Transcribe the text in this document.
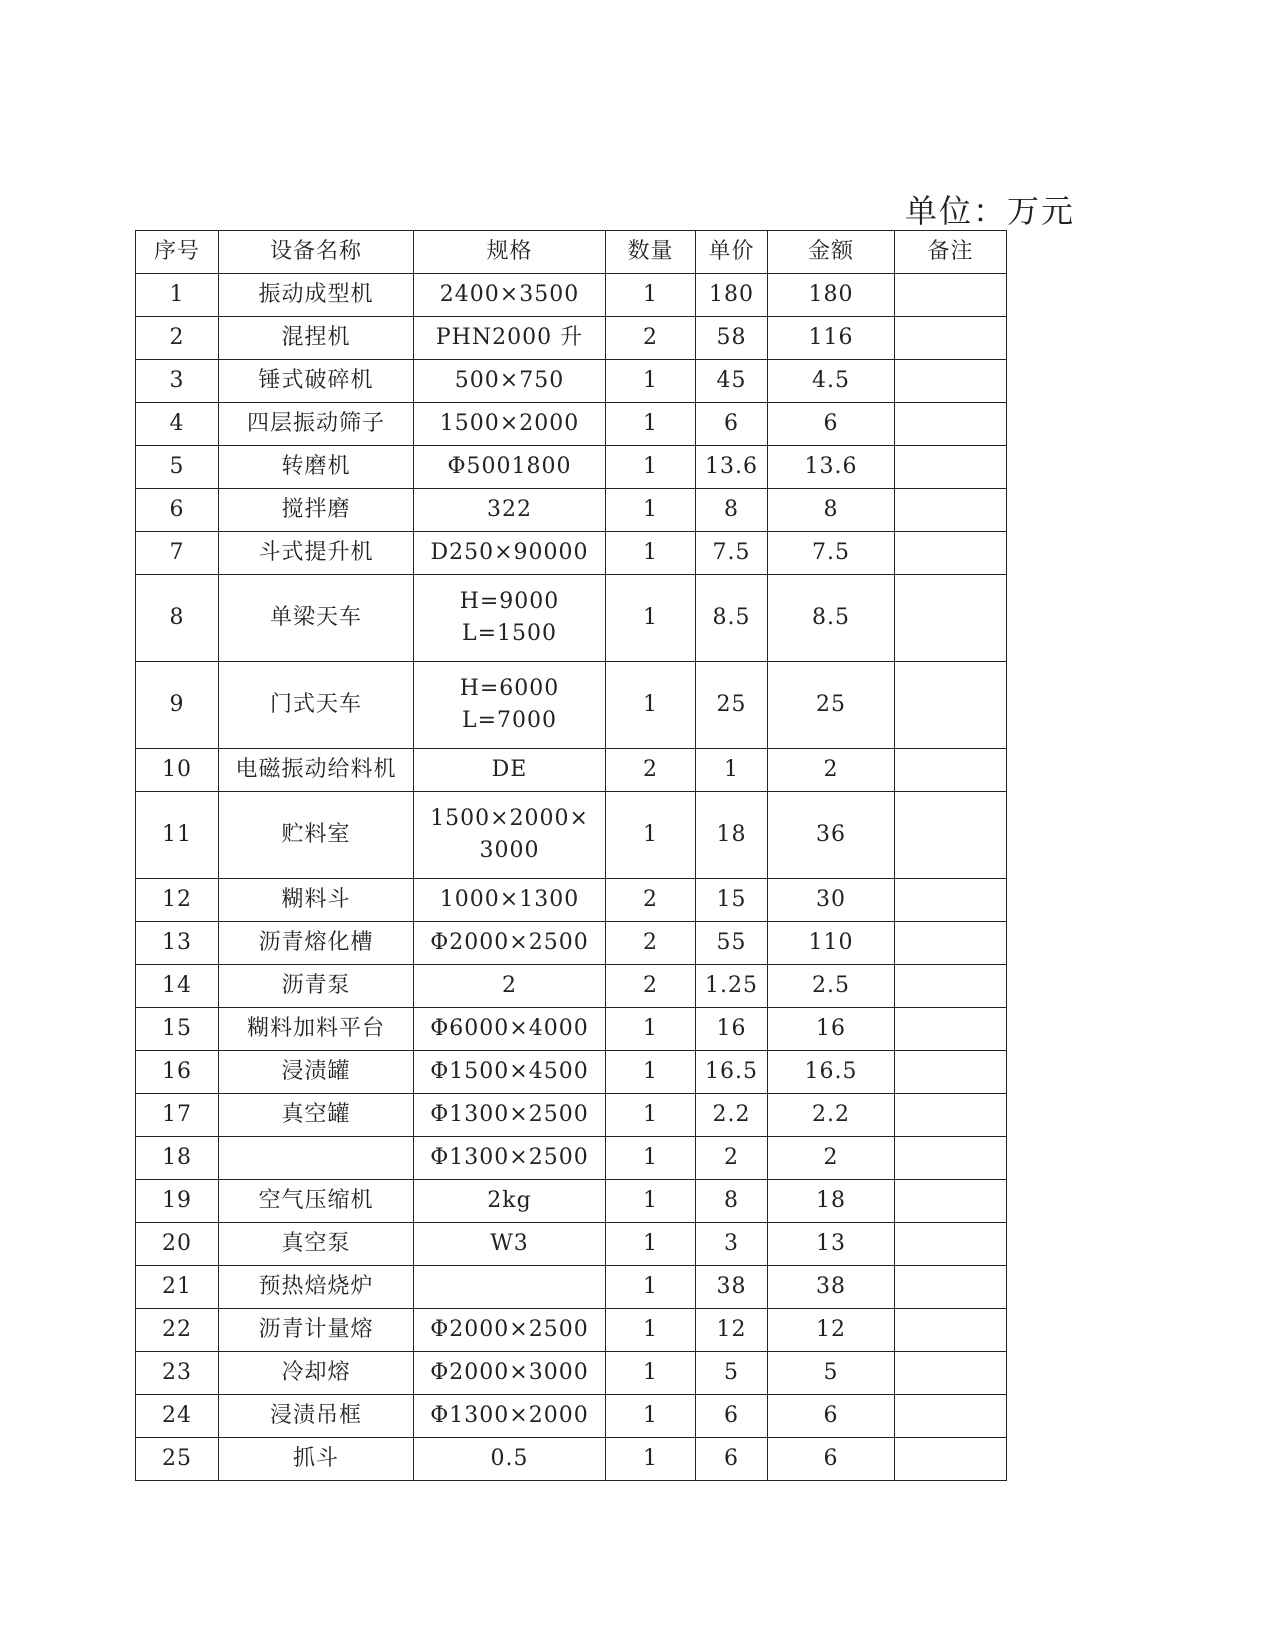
单位：万元
序号	设备名称	规格	数量	单价	金额	备注
1	振动成型机	2400×3500	1	180	180	
2	混捏机	PHN2000 升	2	58	116	
3	锤式破碎机	500×750	1	45	4.5	
4	四层振动筛子	1500×2000	1	6	6	
5	转磨机	Φ5001800	1	13.6	13.6	
6	搅拌磨	322	1	8	8	
7	斗式提升机	D250×90000	1	7.5	7.5	
8	单梁天车	H=9000
L=1500	1	8.5	8.5	
9	门式天车	H=6000
L=7000	1	25	25	
10	电磁振动给料机	DE	2	1	2	
11	贮料室	1500×2000×
3000	1	18	36	
12	糊料斗	1000×1300	2	15	30	
13	沥青熔化槽	Φ2000×2500	2	55	110	
14	沥青泵	2	2	1.25	2.5	
15	糊料加料平台	Φ6000×4000	1	16	16	
16	浸渍罐	Φ1500×4500	1	16.5	16.5	
17	真空罐	Φ1300×2500	1	2.2	2.2	
18		Φ1300×2500	1	2	2	
19	空气压缩机	2kg	1	8	18	
20	真空泵	W3	1	3	13	
21	预热焙烧炉		1	38	38	
22	沥青计量熔	Φ2000×2500	1	12	12	
23	冷却熔	Φ2000×3000	1	5	5	
24	浸渍吊框	Φ1300×2000	1	6	6	
25	抓斗	0.5	1	6	6	
